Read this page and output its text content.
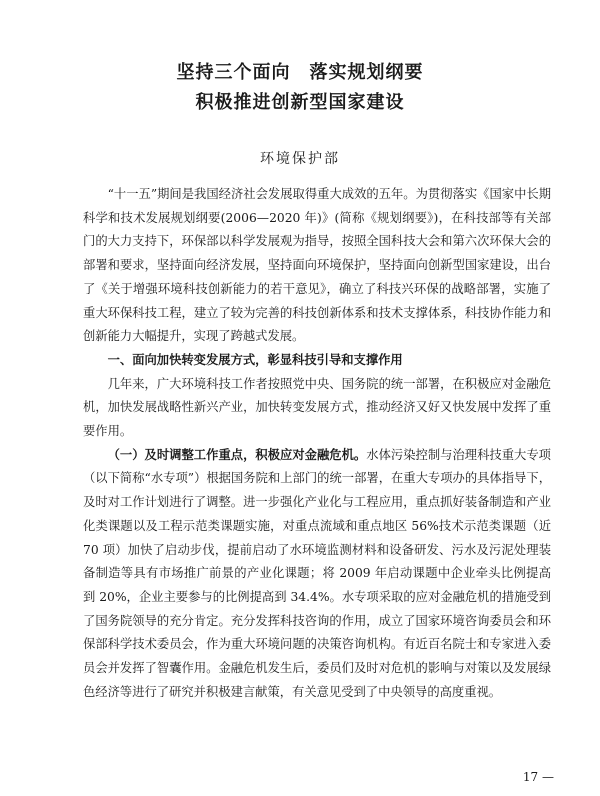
坚持三个面向　落实规划纲要
积极推进创新型国家建设
环境保护部

“十一五”期间是我国经济社会发展取得重大成效的五年。为贯彻落实《国家中长期科学和技术发展规划纲要(2006—2020 年)》(简称《规划纲要》)，在科技部等有关部门的大力支持下，环保部以科学发展观为指导，按照全国科技大会和第六次环保大会的部署和要求，坚持面向经济发展，坚持面向环境保护，坚持面向创新型国家建设，出台了《关于增强环境科技创新能力的若干意见》，确立了科技兴环保的战略部署，实施了重大环保科技工程，建立了较为完善的科技创新体系和技术支撑体系，科技协作能力和创新能力大幅提升，实现了跨越式发展。

一、面向加快转变发展方式，彰显科技引导和支撑作用

几年来，广大环境科技工作者按照党中央、国务院的统一部署，在积极应对金融危机，加快发展战略性新兴产业，加快转变发展方式，推动经济又好又快发展中发挥了重要作用。

（一）及时调整工作重点，积极应对金融危机。水体污染控制与治理科技重大专项（以下简称“水专项”）根据国务院和上部门的统一部署，在重大专项办的具体指导下，及时对工作计划进行了调整。进一步强化产业化与工程应用，重点抓好装备制造和产业化类课题以及工程示范类课题实施，对重点流域和重点地区 56%技术示范类课题（近 70 项）加快了启动步伐，提前启动了水环境监测材料和设备研发、污水及污泥处理装备制造等具有市场推广前景的产业化课题；将 2009 年启动课题中企业牵头比例提高到 20%，企业主要参与的比例提高到 34.4%。水专项采取的应对金融危机的措施受到了国务院领导的充分肯定。充分发挥科技咨询的作用，成立了国家环境咨询委员会和环保部科学技术委员会，作为重大环境问题的决策咨询机构。有近百名院士和专家进入委员会并发挥了智囊作用。金融危机发生后，委员们及时对危机的影响与对策以及发展绿色经济等进行了研究并积极建言献策，有关意见受到了中央领导的高度重视。

17 —
